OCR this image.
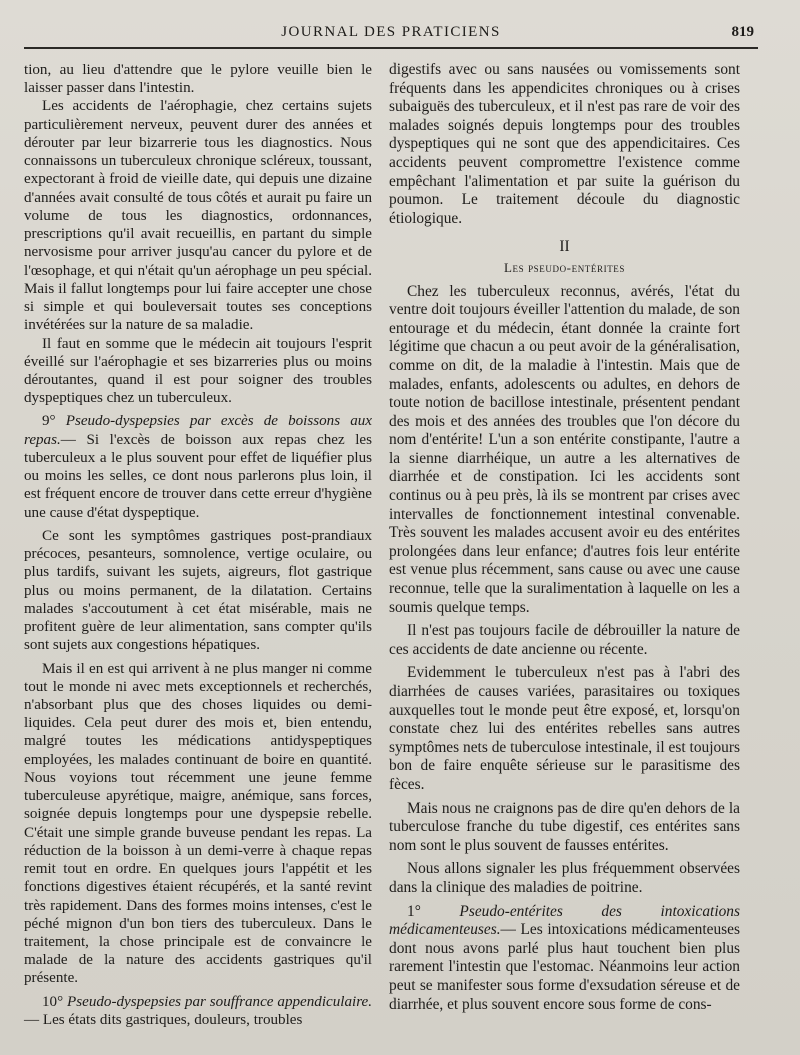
JOURNAL DES PRATICIENS	819

tion, au lieu d'attendre que le pylore veuille bien le laisser passer dans l'intestin.

Les accidents de l'aérophagie, chez certains sujets particulièrement nerveux, peuvent durer des années et dérouter par leur bizarrerie tous les diagnostics. Nous connaissons un tuberculeux chronique scléreux, toussant, expectorant à froid de vieille date, qui depuis une dizaine d'années avait consulté de tous côtés et aurait pu faire un volume de tous les diagnostics, ordonnances, prescriptions qu'il avait recueillis, en partant du simple nervosisme pour arriver jusqu'au cancer du pylore et de l'œsophage, et qui n'était qu'un aérophage un peu spécial. Mais il fallut longtemps pour lui faire accepter une chose si simple et qui bouleversait toutes ses conceptions invétérées sur la nature de sa maladie.

Il faut en somme que le médecin ait toujours l'esprit éveillé sur l'aérophagie et ses bizarreries plus ou moins déroutantes, quand il est pour soigner des troubles dyspeptiques chez un tuberculeux.

9° Pseudo-dyspepsies par excès de boissons aux repas.— Si l'excès de boisson aux repas chez les tuberculeux a le plus souvent pour effet de liquéfier plus ou moins les selles, ce dont nous parlerons plus loin, il est fréquent encore de trouver dans cette erreur d'hygiène une cause d'état dyspeptique.

Ce sont les symptômes gastriques post-prandiaux précoces, pesanteurs, somnolence, vertige oculaire, ou plus tardifs, suivant les sujets, aigreurs, flot gastrique plus ou moins permanent, de la dilatation. Certains malades s'accoutument à cet état misérable, mais ne profitent guère de leur alimentation, sans compter qu'ils sont sujets aux congestions hépatiques.

Mais il en est qui arrivent à ne plus manger ni comme tout le monde ni avec mets exceptionnels et recherchés, n'absorbant plus que des choses liquides ou demi-liquides. Cela peut durer des mois et, bien entendu, malgré toutes les médications antidyspeptiques employées, les malades continuant de boire en quantité. Nous voyions tout récemment une jeune femme tuberculeuse apyrétique, maigre, anémique, sans forces, soignée depuis longtemps pour une dyspepsie rebelle. C'était une simple grande buveuse pendant les repas. La réduction de la boisson à un demi-verre à chaque repas remit tout en ordre. En quelques jours l'appétit et les fonctions digestives étaient récupérés, et la santé revint très rapidement. Dans des formes moins intenses, c'est le péché mignon d'un bon tiers des tuberculeux. Dans le traitement, la chose principale est de convaincre le malade de la nature des accidents gastriques qu'il présente.

10° Pseudo-dyspepsies par souffrance appendiculaire.— Les états dits gastriques, douleurs, troubles

digestifs avec ou sans nausées ou vomissements sont fréquents dans les appendicites chroniques ou à crises subaiguës des tuberculeux, et il n'est pas rare de voir des malades soignés depuis longtemps pour des troubles dyspeptiques qui ne sont que des appendicitaires. Ces accidents peuvent compromettre l'existence comme empêchant l'alimentation et par suite la guérison du poumon. Le traitement découle du diagnostic étiologique.

II

Les pseudo-entérites

Chez les tuberculeux reconnus, avérés, l'état du ventre doit toujours éveiller l'attention du malade, de son entourage et du médecin, étant donnée la crainte fort légitime que chacun a ou peut avoir de la généralisation, comme on dit, de la maladie à l'intestin. Mais que de malades, enfants, adolescents ou adultes, en dehors de toute notion de bacillose intestinale, présentent pendant des mois et des années des troubles que l'on décore du nom d'entérite! L'un a son entérite constipante, l'autre a la sienne diarrhéique, un autre a les alternatives de diarrhée et de constipation. Ici les accidents sont continus ou à peu près, là ils se montrent par crises avec intervalles de fonctionnement intestinal convenable. Très souvent les malades accusent avoir eu des entérites prolongées dans leur enfance; d'autres fois leur entérite est venue plus récemment, sans cause ou avec une cause reconnue, telle que la suralimentation à laquelle on les a soumis quelque temps.

Il n'est pas toujours facile de débrouiller la nature de ces accidents de date ancienne ou récente.

Evidemment le tuberculeux n'est pas à l'abri des diarrhées de causes variées, parasitaires ou toxiques auxquelles tout le monde peut être exposé, et, lorsqu'on constate chez lui des entérites rebelles sans autres symptômes nets de tuberculose intestinale, il est toujours bon de faire enquête sérieuse sur le parasitisme des fèces.

Mais nous ne craignons pas de dire qu'en dehors de la tuberculose franche du tube digestif, ces entérites sans nom sont le plus souvent de fausses entérites.

Nous allons signaler les plus fréquemment observées dans la clinique des maladies de poitrine.

1°	Pseudo-entérites des intoxications médicamenteuses.— Les intoxications médicamenteuses dont nous avons parlé plus haut touchent bien plus rarement l'intestin que l'estomac. Néanmoins leur action peut se manifester sous forme d'exsudation séreuse et de diarrhée, et plus souvent encore sous forme de cons-
